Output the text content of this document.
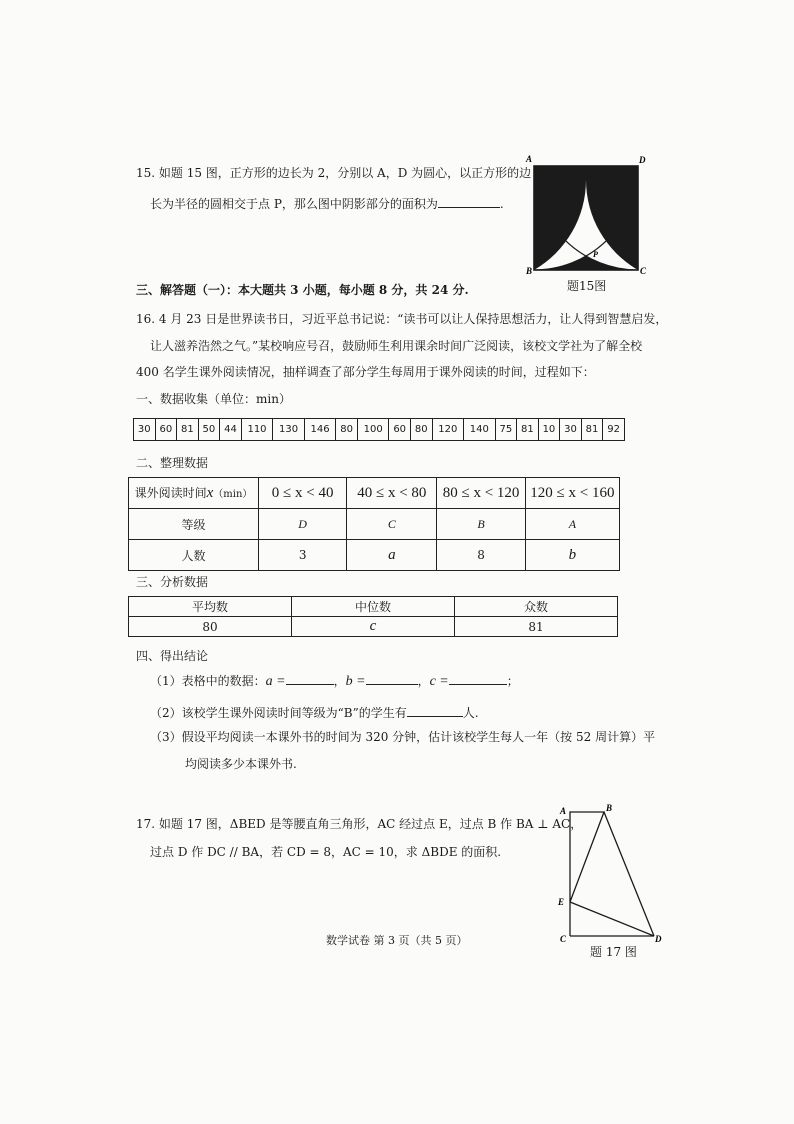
15. 如题 15 图，正方形的边长为 2，分别以 A，D 为圆心，以正方形的边
长为半径的圆相交于点 P，那么图中阴影部分的面积为	.
A	D
B	C
P
题15图
三、解答题（一）：本大题共 3 小题，每小题 8 分，共 24 分.
16. 4 月 23 日是世界读书日，习近平总书记说：“读书可以让人保持思想活力，让人得到智慧启发，
让人滋养浩然之气。”某校响应号召，鼓励师生利用课余时间广泛阅读，该校文学社为了解全校
400 名学生课外阅读情况，抽样调查了部分学生每周用于课外阅读的时间，过程如下：
一、数据收集（单位：min）
30	60	81	50	44	110	130	146	80	100	60	80	120	140	75	81	10	30	81	92
二、整理数据
课外阅读时间x（min）	0 ≤ x < 40	40 ≤ x < 80	80 ≤ x < 120	120 ≤ x < 160
等级	D	C	B	A
人数	3	a	8	b
三、分析数据
平均数	中位数	众数
80	c	81
四、得出结论
（1）表格中的数据：a =	，b =	，c =	；
（2）该校学生课外阅读时间等级为“B”的学生有	人.
（3）假设平均阅读一本课外书的时间为 320 分钟，估计该校学生每人一年（按 52 周计算）平
均阅读多少本课外书.
17. 如题 17 图，ΔBED 是等腰直角三角形，AC 经过点 E，过点 B 作 BA ⊥ AC，
过点 D 作 DC // BA，若 CD = 8，AC = 10，求 ΔBDE 的面积.
A	B
E
C	D
题 17 图
数学试卷 第 3 页（共 5 页）
